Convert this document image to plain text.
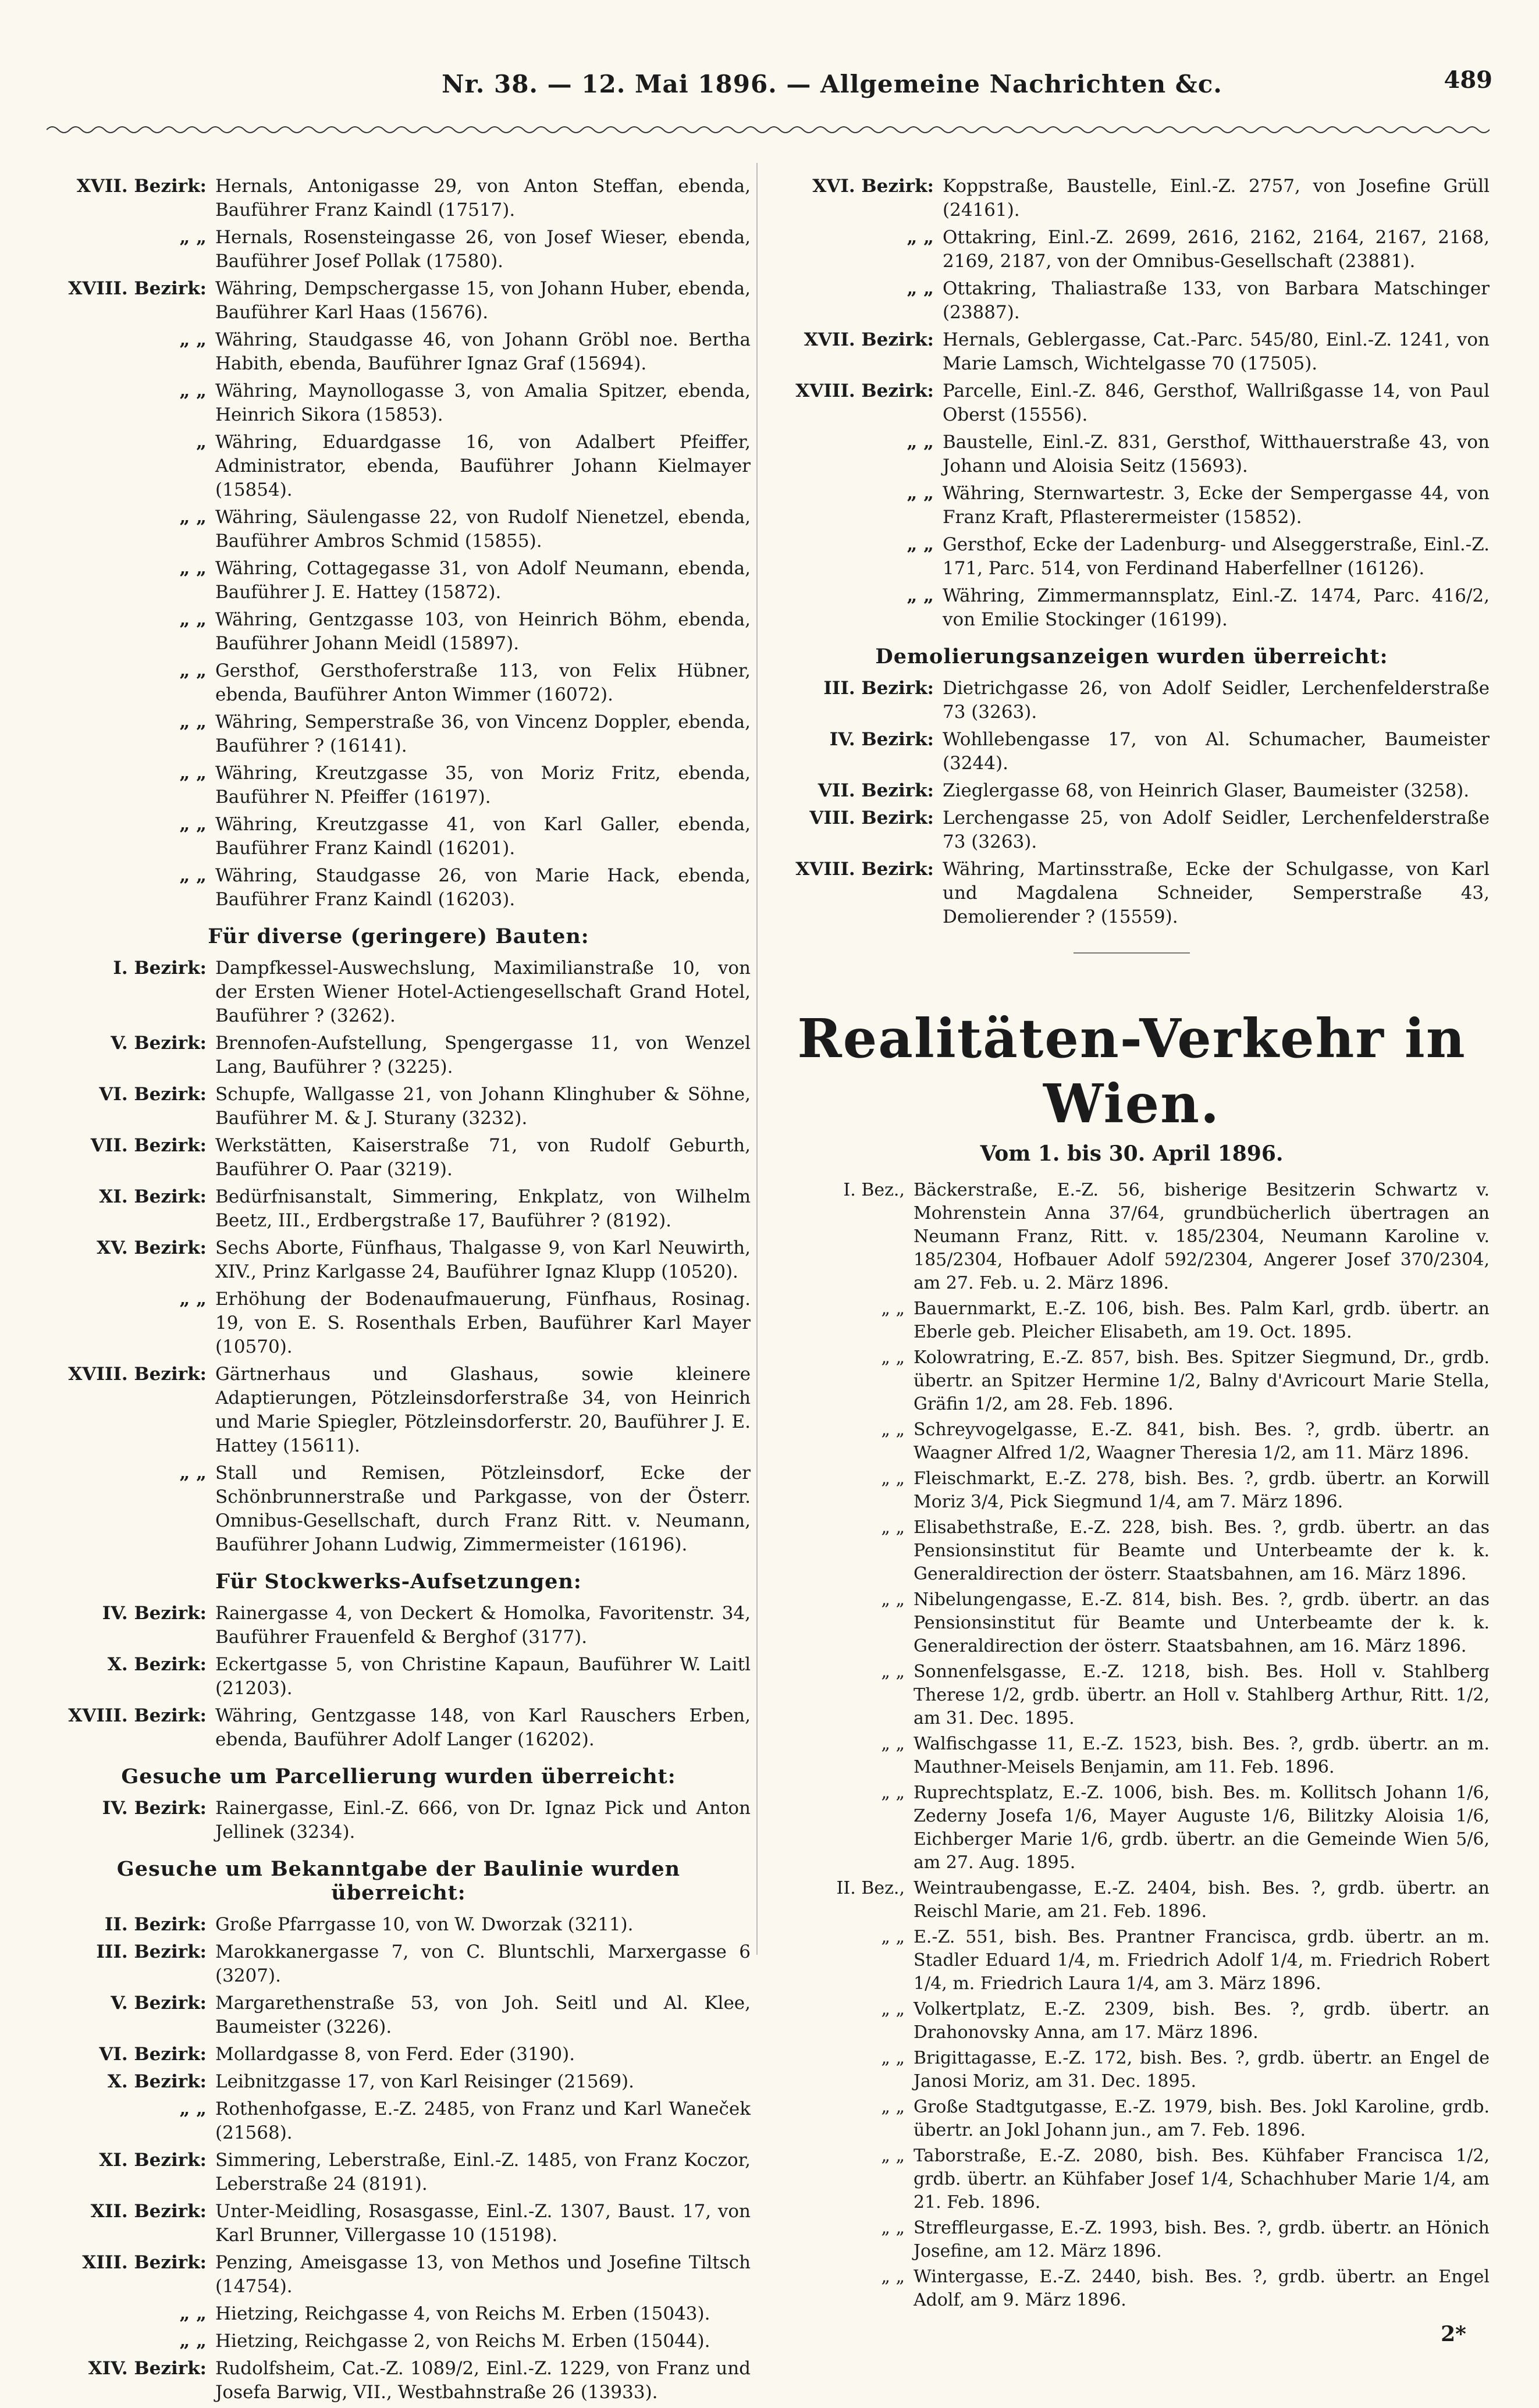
Nr. 38. — 12. Mai 1896. — Allgemeine Nachrichten &c.	489
XVII. Bezirk: Hernals, Antonigasse 29, von Anton Steffan, ebenda, Bauführer Franz Kaindl (17517).
„ „ Hernals, Rosensteingasse 26, von Josef Wieser, ebenda, Bauführer Josef Pollak (17580).
XVIII. Bezirk: Währing, Dempschergasse 15, von Johann Huber, ebenda, Bauführer Karl Haas (15676).
„ „ Währing, Staudgasse 46, von Johann Gröbl noe. Bertha Habith, ebenda, Bauführer Ignaz Graf (15694).
„ „ Währing, Maynollogasse 3, von Amalia Spitzer, ebenda, Heinrich Sikora (15853).
„ Währing, Eduardgasse 16, von Adalbert Pfeiffer, Administrator, ebenda, Bauführer Johann Kielmayer (15854).
„ „ Währing, Säulengasse 22, von Rudolf Nienetzel, ebenda, Bauführer Ambros Schmid (15855).
„ „ Währing, Cottagegasse 31, von Adolf Neumann, ebenda, Bauführer J. E. Hattey (15872).
„ „ Währing, Gentzgasse 103, von Heinrich Böhm, ebenda, Bauführer Johann Meidl (15897).
„ „ Gersthof, Gersthoferstraße 113, von Felix Hübner, ebenda, Bauführer Anton Wimmer (16072).
„ „ Währing, Semperstraße 36, von Vincenz Doppler, ebenda, Bauführer ? (16141).
„ „ Währing, Kreutzgasse 35, von Moriz Fritz, ebenda, Bauführer N. Pfeiffer (16197).
„ „ Währing, Kreutzgasse 41, von Karl Galler, ebenda, Bauführer Franz Kaindl (16201).
„ „ Währing, Staudgasse 26, von Marie Hack, ebenda, Bauführer Franz Kaindl (16203).
Für diverse (geringere) Bauten:
I. Bezirk: Dampfkessel-Auswechslung, Maximilianstraße 10, von der Ersten Wiener Hotel-Actiengesellschaft Grand Hotel, Bauführer ? (3262).
V. Bezirk: Brennofen-Aufstellung, Spengergasse 11, von Wenzel Lang, Bauführer ? (3225).
VI. Bezirk: Schupfe, Wallgasse 21, von Johann Klinghuber & Söhne, Bauführer M. & J. Sturany (3232).
VII. Bezirk: Werkstätten, Kaiserstraße 71, von Rudolf Geburth, Bauführer O. Paar (3219).
XI. Bezirk: Bedürfnisanstalt, Simmering, Enkplatz, von Wilhelm Beetz, III., Erdbergstraße 17, Bauführer ? (8192).
XV. Bezirk: Sechs Aborte, Fünfhaus, Thalgasse 9, von Karl Neuwirth, XIV., Prinz Karlgasse 24, Bauführer Ignaz Klupp (10520).
„ „ Erhöhung der Bodenaufmauerung, Fünfhaus, Rosinag. 19, von E. S. Rosenthals Erben, Bauführer Karl Mayer (10570).
XVIII. Bezirk: Gärtnerhaus und Glashaus, sowie kleinere Adaptierungen, Pötzleinsdorferstraße 34, von Heinrich und Marie Spiegler, Pötzleinsdorferstr. 20, Bauführer J. E. Hattey (15611).
„ „ Stall und Remisen, Pötzleinsdorf, Ecke der Schönbrunnerstraße und Parkgasse, von der Österr. Omnibus-Gesellschaft, durch Franz Ritt. v. Neumann, Bauführer Johann Ludwig, Zimmermeister (16196).
Für Stockwerks-Aufsetzungen:
IV. Bezirk: Rainergasse 4, von Deckert & Homolka, Favoritenstr. 34, Bauführer Frauenfeld & Berghof (3177).
X. Bezirk: Eckertgasse 5, von Christine Kapaun, Bauführer W. Laitl (21203).
XVIII. Bezirk: Währing, Gentzgasse 148, von Karl Rauschers Erben, ebenda, Bauführer Adolf Langer (16202).
Gesuche um Parcellierung wurden überreicht:
IV. Bezirk: Rainergasse, Einl.-Z. 666, von Dr. Ignaz Pick und Anton Jellinek (3234).
Gesuche um Bekanntgabe der Baulinie wurden überreicht:
II. Bezirk: Große Pfarrgasse 10, von W. Dworzak (3211).
III. Bezirk: Marokkanergasse 7, von C. Bluntschli, Marxergasse 6 (3207).
V. Bezirk: Margarethenstraße 53, von Joh. Seitl und Al. Klee, Baumeister (3226).
VI. Bezirk: Mollardgasse 8, von Ferd. Eder (3190).
X. Bezirk: Leibnitzgasse 17, von Karl Reisinger (21569).
„ „ Rothenhofgasse, E.-Z. 2485, von Franz und Karl Waneček (21568).
XI. Bezirk: Simmering, Leberstraße, Einl.-Z. 1485, von Franz Koczor, Leberstraße 24 (8191).
XII. Bezirk: Unter-Meidling, Rosasgasse, Einl.-Z. 1307, Baust. 17, von Karl Brunner, Villergasse 10 (15198).
XIII. Bezirk: Penzing, Ameisgasse 13, von Methos und Josefine Tiltsch (14754).
„ „ Hietzing, Reichgasse 4, von Reichs M. Erben (15043).
„ „ Hietzing, Reichgasse 2, von Reichs M. Erben (15044).
XIV. Bezirk: Rudolfsheim, Cat.-Z. 1089/2, Einl.-Z. 1229, von Franz und Josefa Barwig, VII., Westbahnstraße 26 (13933).
XVI. Bezirk: Koppstraße, Baustelle, Einl.-Z. 2757, von Josefine Grüll (24161).
„ „ Ottakring, Einl.-Z. 2699, 2616, 2162, 2164, 2167, 2168, 2169, 2187, von der Omnibus-Gesellschaft (23881).
„ „ Ottakring, Thaliastraße 133, von Barbara Matschinger (23887).
XVII. Bezirk: Hernals, Geblergasse, Cat.-Parc. 545/80, Einl.-Z. 1241, von Marie Lamsch, Wichtelgasse 70 (17505).
XVIII. Bezirk: Parcelle, Einl.-Z. 846, Gersthof, Wallrißgasse 14, von Paul Oberst (15556).
„ „ Baustelle, Einl.-Z. 831, Gersthof, Witthauerstraße 43, von Johann und Aloisia Seitz (15693).
„ „ Währing, Sternwartestr. 3, Ecke der Sempergasse 44, von Franz Kraft, Pflasterermeister (15852).
„ „ Gersthof, Ecke der Ladenburg- und Alseggerstraße, Einl.-Z. 171, Parc. 514, von Ferdinand Haberfellner (16126).
„ „ Währing, Zimmermannsplatz, Einl.-Z. 1474, Parc. 416/2, von Emilie Stockinger (16199).
Demolierungsanzeigen wurden überreicht:
III. Bezirk: Dietrichgasse 26, von Adolf Seidler, Lerchenfelderstraße 73 (3263).
IV. Bezirk: Wohllebengasse 17, von Al. Schumacher, Baumeister (3244).
VII. Bezirk: Zieglergasse 68, von Heinrich Glaser, Baumeister (3258).
VIII. Bezirk: Lerchengasse 25, von Adolf Seidler, Lerchenfelderstraße 73 (3263).
XVIII. Bezirk: Währing, Martinsstraße, Ecke der Schulgasse, von Karl und Magdalena Schneider, Semperstraße 43, Demolierender ? (15559).
Realitäten-Verkehr in Wien.
Vom 1. bis 30. April 1896.
I. Bez., Bäckerstraße, E.-Z. 56, bisherige Besitzerin Schwartz v. Mohrenstein Anna 37/64, grundbücherlich übertragen an Neumann Franz, Ritt. v. 185/2304, Neumann Karoline v. 185/2304, Hofbauer Adolf 592/2304, Angerer Josef 370/2304, am 27. Feb. u. 2. März 1896.
„ „ Bauernmarkt, E.-Z. 106, bish. Bes. Palm Karl, grdb. übertr. an Eberle geb. Pleicher Elisabeth, am 19. Oct. 1895.
„ „ Kolowratring, E.-Z. 857, bish. Bes. Spitzer Siegmund, Dr., grdb. übertr. an Spitzer Hermine 1/2, Balny d'Avricourt Marie Stella, Gräfin 1/2, am 28. Feb. 1896.
„ „ Schreyvogelgasse, E.-Z. 841, bish. Bes. ?, grdb. übertr. an Waagner Alfred 1/2, Waagner Theresia 1/2, am 11. März 1896.
„ „ Fleischmarkt, E.-Z. 278, bish. Bes. ?, grdb. übertr. an Korwill Moriz 3/4, Pick Siegmund 1/4, am 7. März 1896.
„ „ Elisabethstraße, E.-Z. 228, bish. Bes. ?, grdb. übertr. an das Pensionsinstitut für Beamte und Unterbeamte der k. k. Generaldirection der österr. Staatsbahnen, am 16. März 1896.
„ „ Nibelungengasse, E.-Z. 814, bish. Bes. ?, grdb. übertr. an das Pensionsinstitut für Beamte und Unterbeamte der k. k. Generaldirection der österr. Staatsbahnen, am 16. März 1896.
„ „ Sonnenfelsgasse, E.-Z. 1218, bish. Bes. Holl v. Stahlberg Therese 1/2, grdb. übertr. an Holl v. Stahlberg Arthur, Ritt. 1/2, am 31. Dec. 1895.
„ „ Walfischgasse 11, E.-Z. 1523, bish. Bes. ?, grdb. übertr. an m. Mauthner-Meisels Benjamin, am 11. Feb. 1896.
„ „ Ruprechtsplatz, E.-Z. 1006, bish. Bes. m. Kollitsch Johann 1/6, Zederny Josefa 1/6, Mayer Auguste 1/6, Bilitzky Aloisia 1/6, Eichberger Marie 1/6, grdb. übertr. an die Gemeinde Wien 5/6, am 27. Aug. 1895.
II. Bez., Weintraubengasse, E.-Z. 2404, bish. Bes. ?, grdb. übertr. an Reischl Marie, am 21. Feb. 1896.
„ „ E.-Z. 551, bish. Bes. Prantner Francisca, grdb. übertr. an m. Stadler Eduard 1/4, m. Friedrich Adolf 1/4, m. Friedrich Robert 1/4, m. Friedrich Laura 1/4, am 3. März 1896.
„ „ Volkertplatz, E.-Z. 2309, bish. Bes. ?, grdb. übertr. an Drahonovsky Anna, am 17. März 1896.
„ „ Brigittagasse, E.-Z. 172, bish. Bes. ?, grdb. übertr. an Engel de Janosi Moriz, am 31. Dec. 1895.
„ „ Große Stadtgutgasse, E.-Z. 1979, bish. Bes. Jokl Karoline, grdb. übertr. an Jokl Johann jun., am 7. Feb. 1896.
„ „ Taborstraße, E.-Z. 2080, bish. Bes. Kühfaber Francisca 1/2, grdb. übertr. an Kühfaber Josef 1/4, Schachhuber Marie 1/4, am 21. Feb. 1896.
„ „ Streffleurgasse, E.-Z. 1993, bish. Bes. ?, grdb. übertr. an Hönich Josefine, am 12. März 1896.
„ „ Wintergasse, E.-Z. 2440, bish. Bes. ?, grdb. übertr. an Engel Adolf, am 9. März 1896.
2*
